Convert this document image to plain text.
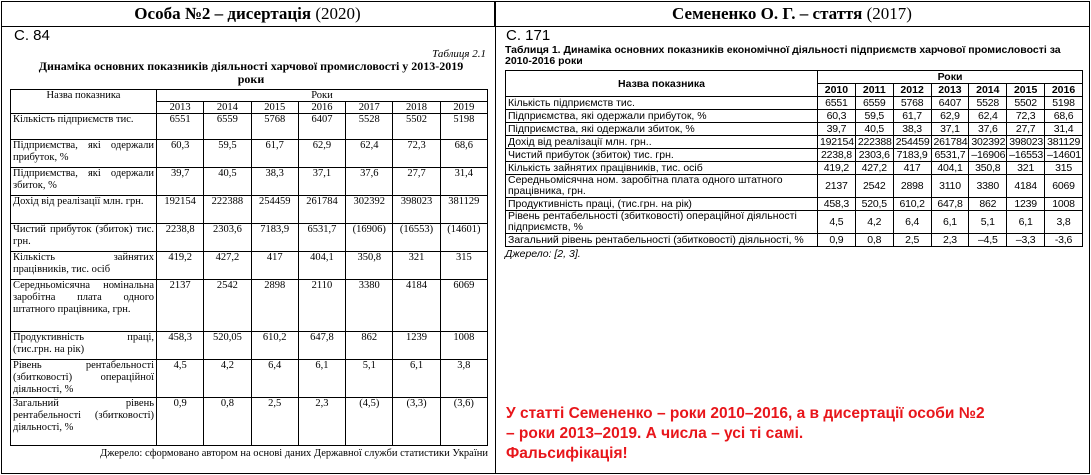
Особа №2 – дисертація (2020)	Семененко О. Г. – стаття (2017)
С. 84	С. 171
Таблиця 2.1
Динаміка основних показників діяльності харчової промисловості у 2013-2019 роки
Назва показника	Роки						
	2013	2014	2015	2016	2017	2018	2019
Кількість підприємств тис.	6551	6559	5768	6407	5528	5502	5198
Підприємства, які одержали прибуток, %	60,3	59,5	61,7	62,9	62,4	72,3	68,6
Підприємства, які одержали збиток, %	39,7	40,5	38,3	37,1	37,6	27,7	31,4
Дохід від реалізації млн. грн.	192154	222388	254459	261784	302392	398023	381129
Чистий прибуток (збиток) тис. грн.	2238,8	2303,6	7183,9	6531,7	(16906)	(16553)	(14601)
Кількість зайнятих працівників, тис. осіб	419,2	427,2	417	404,1	350,8	321	315
Середньомісячна номінальна заробітна плата одного штатного працівника, грн.	2137	2542	2898	2110	3380	4184	6069
Продуктивність праці, (тис.грн. на рік)	458,3	520,05	610,2	647,8	862	1239	1008
Рівень рентабельності (збитковості) операційної діяльності, %	4,5	4,2	6,4	6,1	5,1	6,1	3,8
Загальний рівень рентабельності (збитковості) діяльності, %	0,9	0,8	2,5	2,3	(4,5)	(3,3)	(3,6)
Джерело: сформовано автором на основі даних Державної служби статистики України
Таблиця 1. Динаміка основних показників економічної діяльності підприємств харчової промисловості за 2010-2016 роки
Назва показника	Роки						
	2010	2011	2012	2013	2014	2015	2016
Кількість підприємств тис.	6551	6559	5768	6407	5528	5502	5198
Підприємства, які одержали прибуток, %	60,3	59,5	61,7	62,9	62,4	72,3	68,6
Підприємства, які одержали збиток, %	39,7	40,5	38,3	37,1	37,6	27,7	31,4
Дохід від реалізації млн. грн..	192154	222388	254459	261784	302392	398023	381129
Чистий прибуток (збиток) тис. грн.	2238,8	2303,6	7183,9	6531,7	–16906	–16553	–14601
Кількість зайнятих працівників, тис. осіб	419,2	427,2	417	404,1	350,8	321	315
Середньомісячна ном. заробітна плата одного штатного працівника, грн.	2137	2542	2898	3110	3380	4184	6069
Продуктивність праці, (тис.грн. на рік)	458,3	520,5	610,2	647,8	862	1239	1008
Рівень рентабельності (збитковості) операційної діяльності підприємств, %	4,5	4,2	6,4	6,1	5,1	6,1	3,8
Загальний рівень рентабельності (збитковості) діяльності, %	0,9	0,8	2,5	2,3	–4,5	–3,3	-3,6
Джерело: [2, 3].
У статті Семененко – роки 2010–2016, а в дисертації особи №2
– роки 2013–2019. А числа – усі ті самі.
Фальсифікація!
